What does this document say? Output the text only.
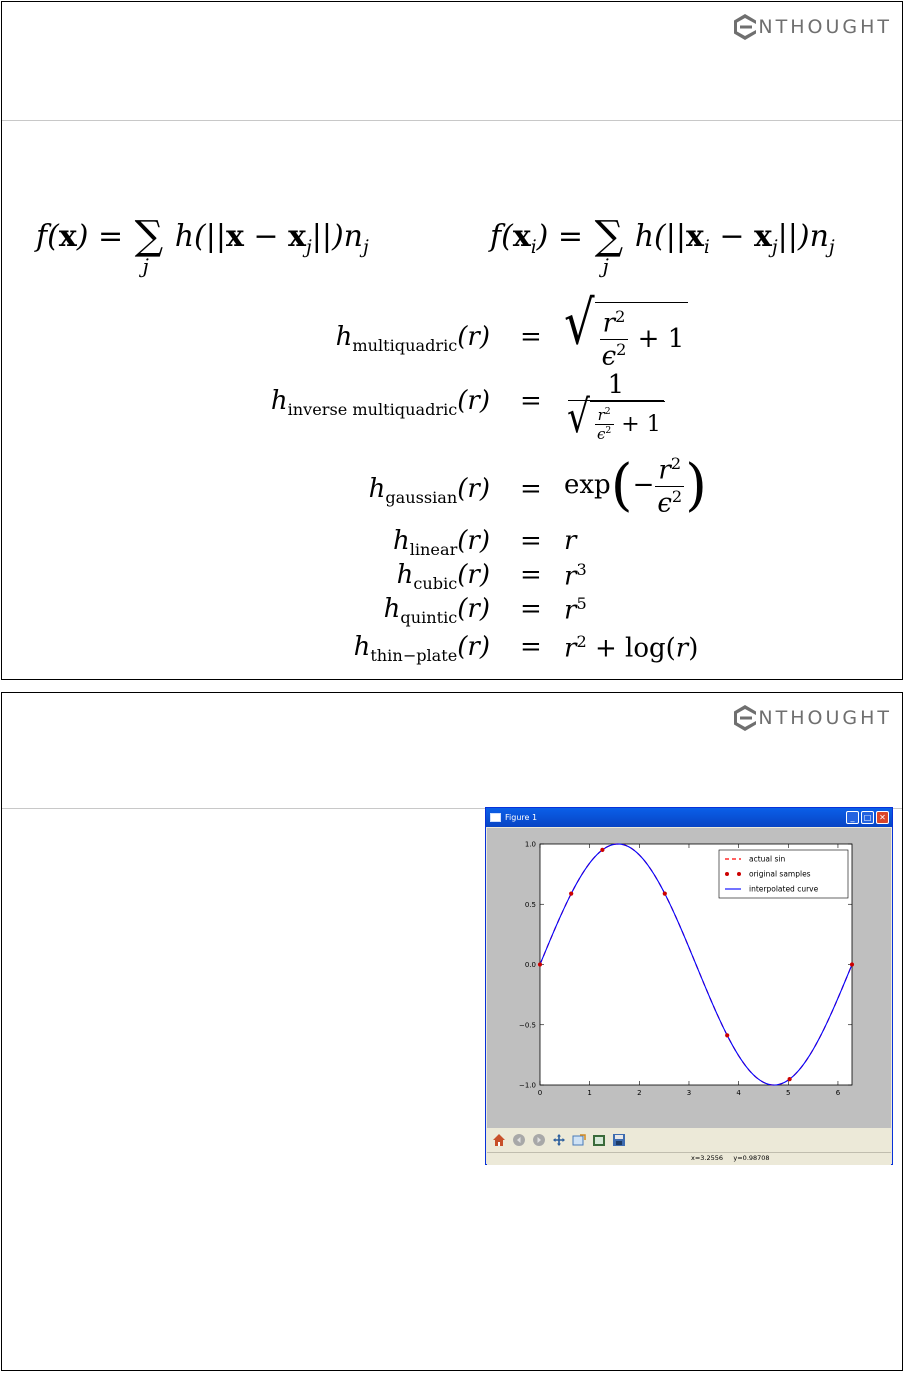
NTHOUGHT
f(x) = ∑
j
$h(||x - x_j||)n_j$	$f(x_i)$ = ∑
j
$h(||x_i - x_j||)n_j$
$h_{multiquadric}(r)$ = √ $\frac{r^2}{\epsilon^2} + 1$
$h_{inverse multiquadric}(r) = \frac{1}{√ \frac{r^2}{\epsilon^2} + 1}$
$h_{gaussian}(r) = \exp(- \frac{r^2}{\epsilon^2}$ )
$h_{linear}(r) = r$
$h_{cubic}(r) = r^3$
$h_{quintic}(r) = r^5$
$h_{thin-plate}(r) = r^2 + \log(r)$
NTHOUGHT
Figure 1	_	□ ✕
0	1	2	3	4	5	6
1.0
0.5
0.0
−0.5
−1.0
actual sin
original samples
interpolated curve
x=3.2556 y=0.98708
